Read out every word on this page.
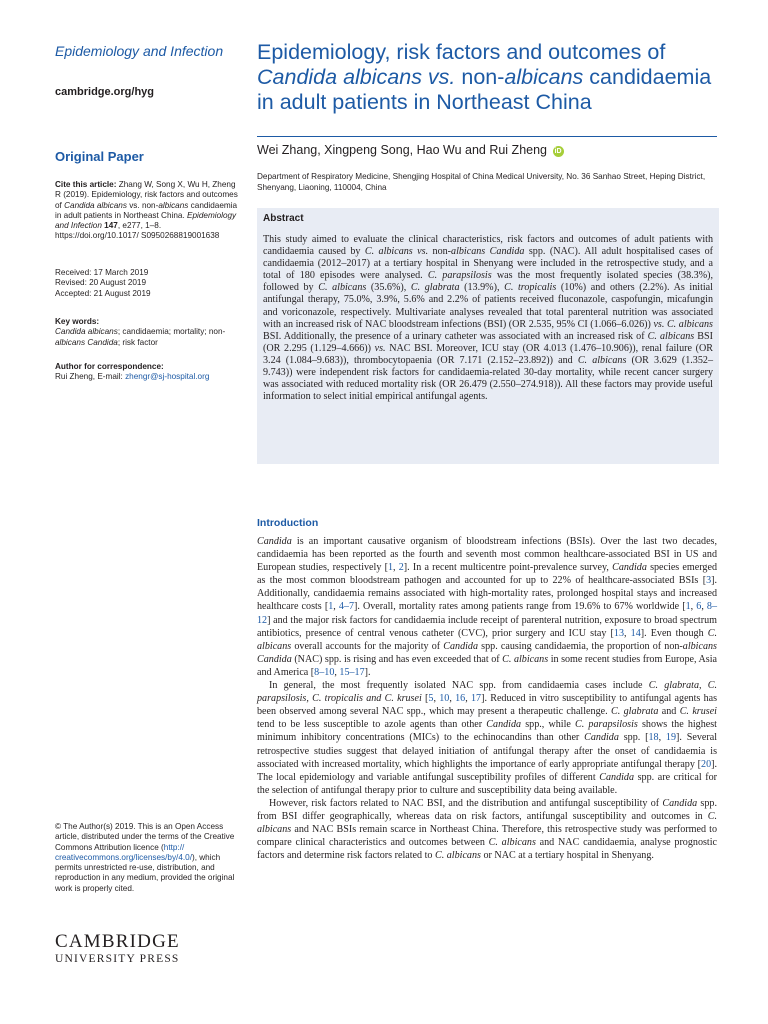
Epidemiology and Infection
cambridge.org/hyg
Original Paper
Cite this article: Zhang W, Song X, Wu H, Zheng R (2019). Epidemiology, risk factors and outcomes of Candida albicans vs. non-albicans candidaemia in adult patients in Northeast China. Epidemiology and Infection 147, e277, 1–8. https://doi.org/10.1017/ S0950268819001638
Received: 17 March 2019
Revised: 20 August 2019
Accepted: 21 August 2019
Key words:
Candida albicans; candidaemia; mortality; non-albicans Candida; risk factor
Author for correspondence:
Rui Zheng, E-mail: zhengr@sj-hospital.org
© The Author(s) 2019. This is an Open Access article, distributed under the terms of the Creative Commons Attribution licence (http:// creativecommons.org/licenses/by/4.0/), which permits unrestricted re-use, distribution, and reproduction in any medium, provided the original work is properly cited.
CAMBRIDGE
UNIVERSITY PRESS
Epidemiology, risk factors and outcomes of Candida albicans vs. non-albicans candidaemia in adult patients in Northeast China
Wei Zhang, Xingpeng Song, Hao Wu and Rui Zheng iD
Department of Respiratory Medicine, Shengjing Hospital of China Medical University, No. 36 Sanhao Street, Heping District, Shenyang, Liaoning, 110004, China
Abstract
This study aimed to evaluate the clinical characteristics, risk factors and outcomes of adult patients with candidaemia caused by C. albicans vs. non-albicans Candida spp. (NAC). All adult hospitalised cases of candidaemia (2012–2017) at a tertiary hospital in Shenyang were included in the retrospective study, and a total of 180 episodes were analysed. C. parapsilosis was the most frequently isolated species (38.3%), followed by C. albicans (35.6%), C. glabrata (13.9%), C. tropicalis (10%) and others (2.2%). As initial antifungal therapy, 75.0%, 3.9%, 5.6% and 2.2% of patients received fluconazole, caspofungin, micafungin and voriconazole, respectively. Multivariate analyses revealed that total parenteral nutrition was associated with an increased risk of NAC bloodstream infections (BSI) (OR 2.535, 95% CI (1.066–6.026)) vs. C. albicans BSI. Additionally, the presence of a urinary catheter was associated with an increased risk of C. albicans BSI (OR 2.295 (1.129–4.666)) vs. NAC BSI. Moreover, ICU stay (OR 4.013 (1.476–10.906)), renal failure (OR 3.24 (1.084–9.683)), thrombocytopaenia (OR 7.171 (2.152–23.892)) and C. albicans (OR 3.629 (1.352–9.743)) were independent risk factors for candidaemia-related 30-day mortality, while recent cancer surgery was associated with reduced mortality risk (OR 26.479 (2.550–274.918)). All these factors may provide useful information to select initial empirical antifungal agents.
Introduction

Candida is an important causative organism of bloodstream infections (BSIs). Over the last two decades, candidaemia has been reported as the fourth and seventh most common healthcare-associated BSI in US and European studies, respectively [1, 2]. In a recent multicentre point-prevalence survey, Candida species emerged as the most common bloodstream pathogen and accounted for up to 22% of healthcare-associated BSIs [3]. Additionally, candidaemia remains associated with high-mortality rates, prolonged hospital stays and increased healthcare costs [1, 4–7]. Overall, mortality rates among patients range from 19.6% to 67% worldwide [1, 6, 8–12] and the major risk factors for candidaemia include receipt of parenteral nutrition, exposure to broad spectrum antibiotics, presence of central venous catheter (CVC), prior surgery and ICU stay [13, 14]. Even though C. albicans overall accounts for the majority of Candida spp. causing candidaemia, the proportion of non-albicans Candida (NAC) spp. is rising and has even exceeded that of C. albicans in some recent studies from Europe, Asia and America [8–10, 15–17].

In general, the most frequently isolated NAC spp. from candidaemia cases include C. glabrata, C. parapsilosis, C. tropicalis and C. krusei [5, 10, 16, 17]. Reduced in vitro susceptibility to antifungal agents has been observed among several NAC spp., which may present a therapeutic challenge. C. glabrata and C. krusei tend to be less susceptible to azole agents than other Candida spp., while C. parapsilosis shows the highest minimum inhibitory concentrations (MICs) to the echinocandins than other Candida spp. [18, 19]. Several retrospective studies suggest that delayed initiation of antifungal therapy after the onset of candidaemia is associated with increased mortality, which highlights the importance of early appropriate antifungal therapy [20]. The local epidemiology and variable antifungal susceptibility profiles of different Candida spp. are critical for the selection of antifungal therapy prior to culture and susceptibility data being available.

However, risk factors related to NAC BSI, and the distribution and antifungal susceptibility of Candida spp. from BSI differ geographically, whereas data on risk factors, antifungal susceptibility and outcomes in C. albicans and NAC BSIs remain scarce in Northeast China. Therefore, this retrospective study was performed to compare clinical characteristics and outcomes between C. albicans and NAC candidaemia, analyse prognostic factors and determine risk factors related to C. albicans or NAC at a tertiary hospital in Shenyang.
